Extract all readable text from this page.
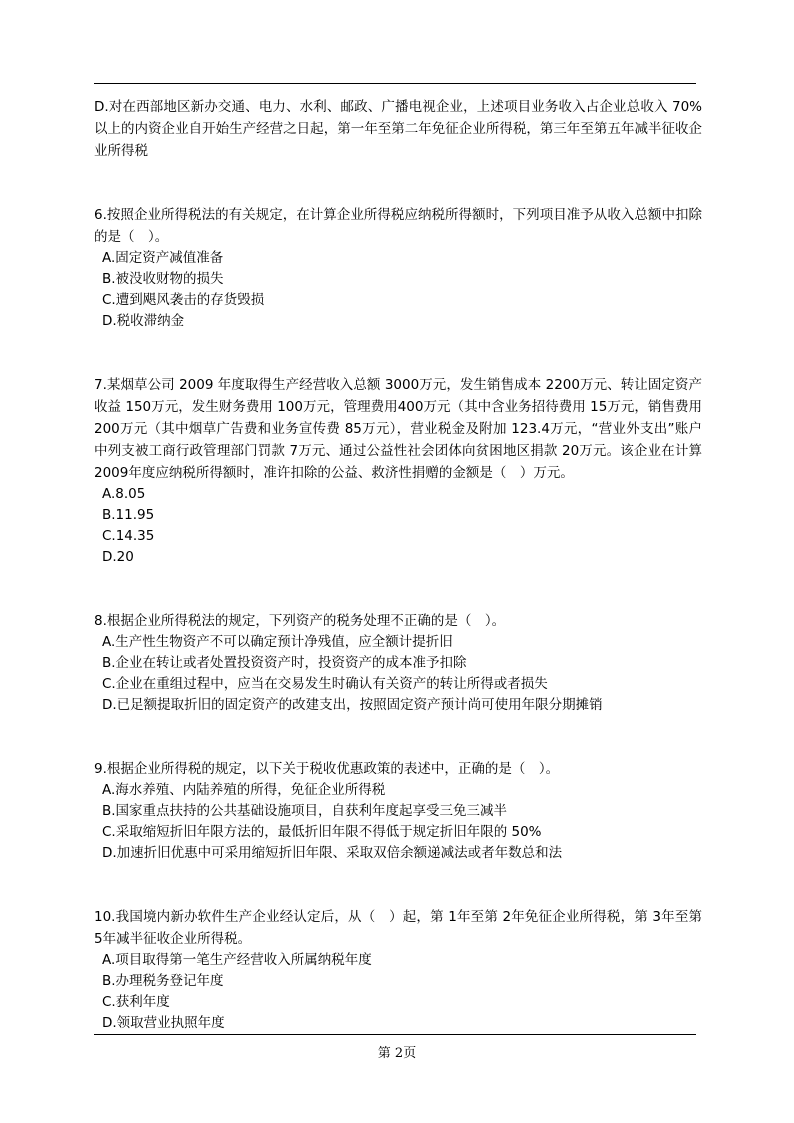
D.对在西部地区新办交通、电力、水利、邮政、广播电视企业，上述项目业务收入占企业总收入 70%以上的内资企业自开始生产经营之日起，第一年至第二年免征企业所得税，第三年至第五年减半征收企业所得税

6.按照企业所得税法的有关规定，在计算企业所得税应纳税所得额时，下列项目准予从收入总额中扣除的是（　）。

A.固定资产减值准备

B.被没收财物的损失

C.遭到飓风袭击的存货毁损

D.税收滞纳金

7.某烟草公司 2009 年度取得生产经营收入总额 3000万元，发生销售成本 2200万元、转让固定资产收益 150万元，发生财务费用 100万元，管理费用400万元（其中含业务招待费用 15万元，销售费用 200万元（其中烟草广告费和业务宣传费 85万元），营业税金及附加 123.4万元，“营业外支出”账户中列支被工商行政管理部门罚款 7万元、通过公益性社会团体向贫困地区捐款 20万元。该企业在计算 2009年度应纳税所得额时，准许扣除的公益、救济性捐赠的金额是（　）万元。

A.8.05

B.11.95

C.14.35

D.20

8.根据企业所得税法的规定，下列资产的税务处理不正确的是（　）。

A.生产性生物资产不可以确定预计净残值，应全额计提折旧

B.企业在转让或者处置投资资产时，投资资产的成本准予扣除

C.企业在重组过程中，应当在交易发生时确认有关资产的转让所得或者损失

D.已足额提取折旧的固定资产的改建支出，按照固定资产预计尚可使用年限分期摊销

9.根据企业所得税的规定，以下关于税收优惠政策的表述中，正确的是（　）。

A.海水养殖、内陆养殖的所得，免征企业所得税

B.国家重点扶持的公共基础设施项目，自获利年度起享受三免三减半

C.采取缩短折旧年限方法的，最低折旧年限不得低于规定折旧年限的 50%

D.加速折旧优惠中可采用缩短折旧年限、采取双倍余额递减法或者年数总和法

10.我国境内新办软件生产企业经认定后，从（　）起，第 1年至第 2年免征企业所得税，第 3年至第 5年减半征收企业所得税。

A.项目取得第一笔生产经营收入所属纳税年度

B.办理税务登记年度

C.获利年度

D.领取营业执照年度

第 2页
